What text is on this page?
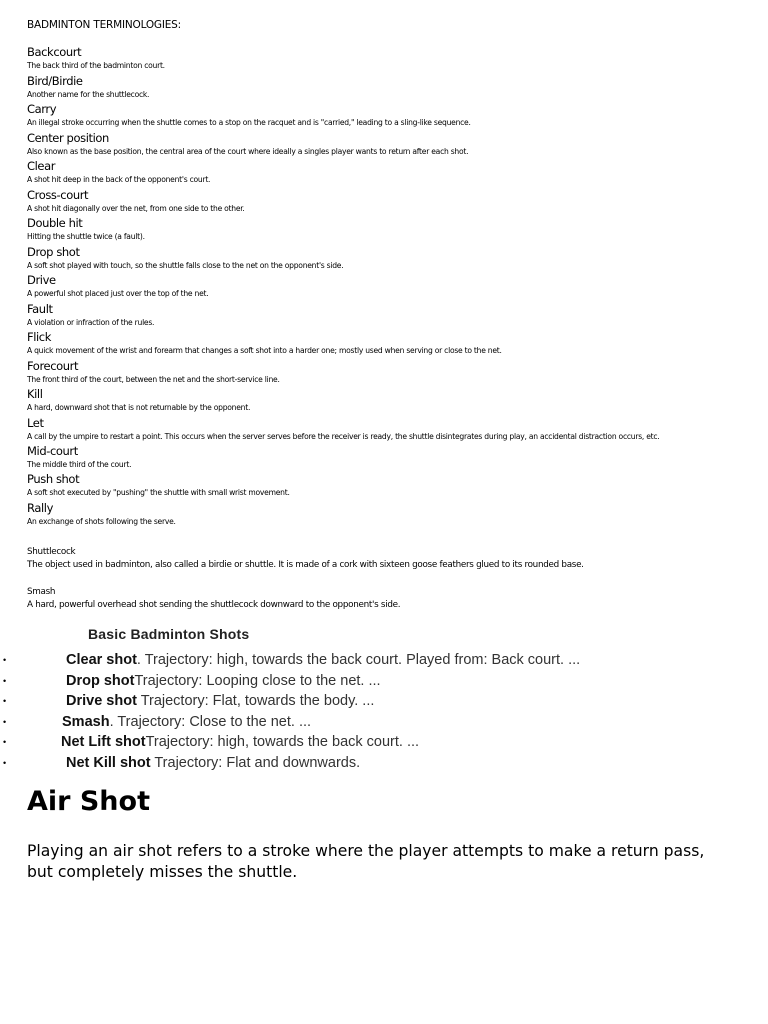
BADMINTON TERMINOLOGIES:
Backcourt
The back third of the badminton court.
Bird/Birdie
Another name for the shuttlecock.
Carry
An illegal stroke occurring when the shuttle comes to a stop on the racquet and is "carried," leading to a sling-like sequence.
Center position
Also known as the base position, the central area of the court where ideally a singles player wants to return after each shot.
Clear
A shot hit deep in the back of the opponent's court.
Cross-court
A shot hit diagonally over the net, from one side to the other.
Double hit
Hitting the shuttle twice (a fault).
Drop shot
A soft shot played with touch, so the shuttle falls close to the net on the opponent's side.
Drive
A powerful shot placed just over the top of the net.
Fault
A violation or infraction of the rules.
Flick
A quick movement of the wrist and forearm that changes a soft shot into a harder one; mostly used when serving or close to the net.
Forecourt
The front third of the court, between the net and the short-service line.
Kill
A hard, downward shot that is not returnable by the opponent.
Let
A call by the umpire to restart a point. This occurs when the server serves before the receiver is ready, the shuttle disintegrates during play, an accidental distraction occurs, etc.
Mid-court
The middle third of the court.
Push shot
A soft shot executed by "pushing" the shuttle with small wrist movement.
Rally
An exchange of shots following the serve.
Shuttlecock
The object used in badminton, also called a birdie or shuttle. It is made of a cork with sixteen goose feathers glued to its rounded base.
Smash
A hard, powerful overhead shot sending the shuttlecock downward to the opponent's side.
Basic Badminton Shots
•	Clear shot. Trajectory: high, towards the back court. Played from: Back court. ...
•	Drop shotTrajectory: Looping close to the net. ...
•	Drive shot Trajectory: Flat, towards the body. ...
•	Smash. Trajectory: Close to the net. ...
•	Net Lift shotTrajectory: high, towards the back court. ...
•	Net Kill shot Trajectory: Flat and downwards.
Air Shot
Playing an air shot refers to a stroke where the player attempts to make a return pass, but completely misses the shuttle.
